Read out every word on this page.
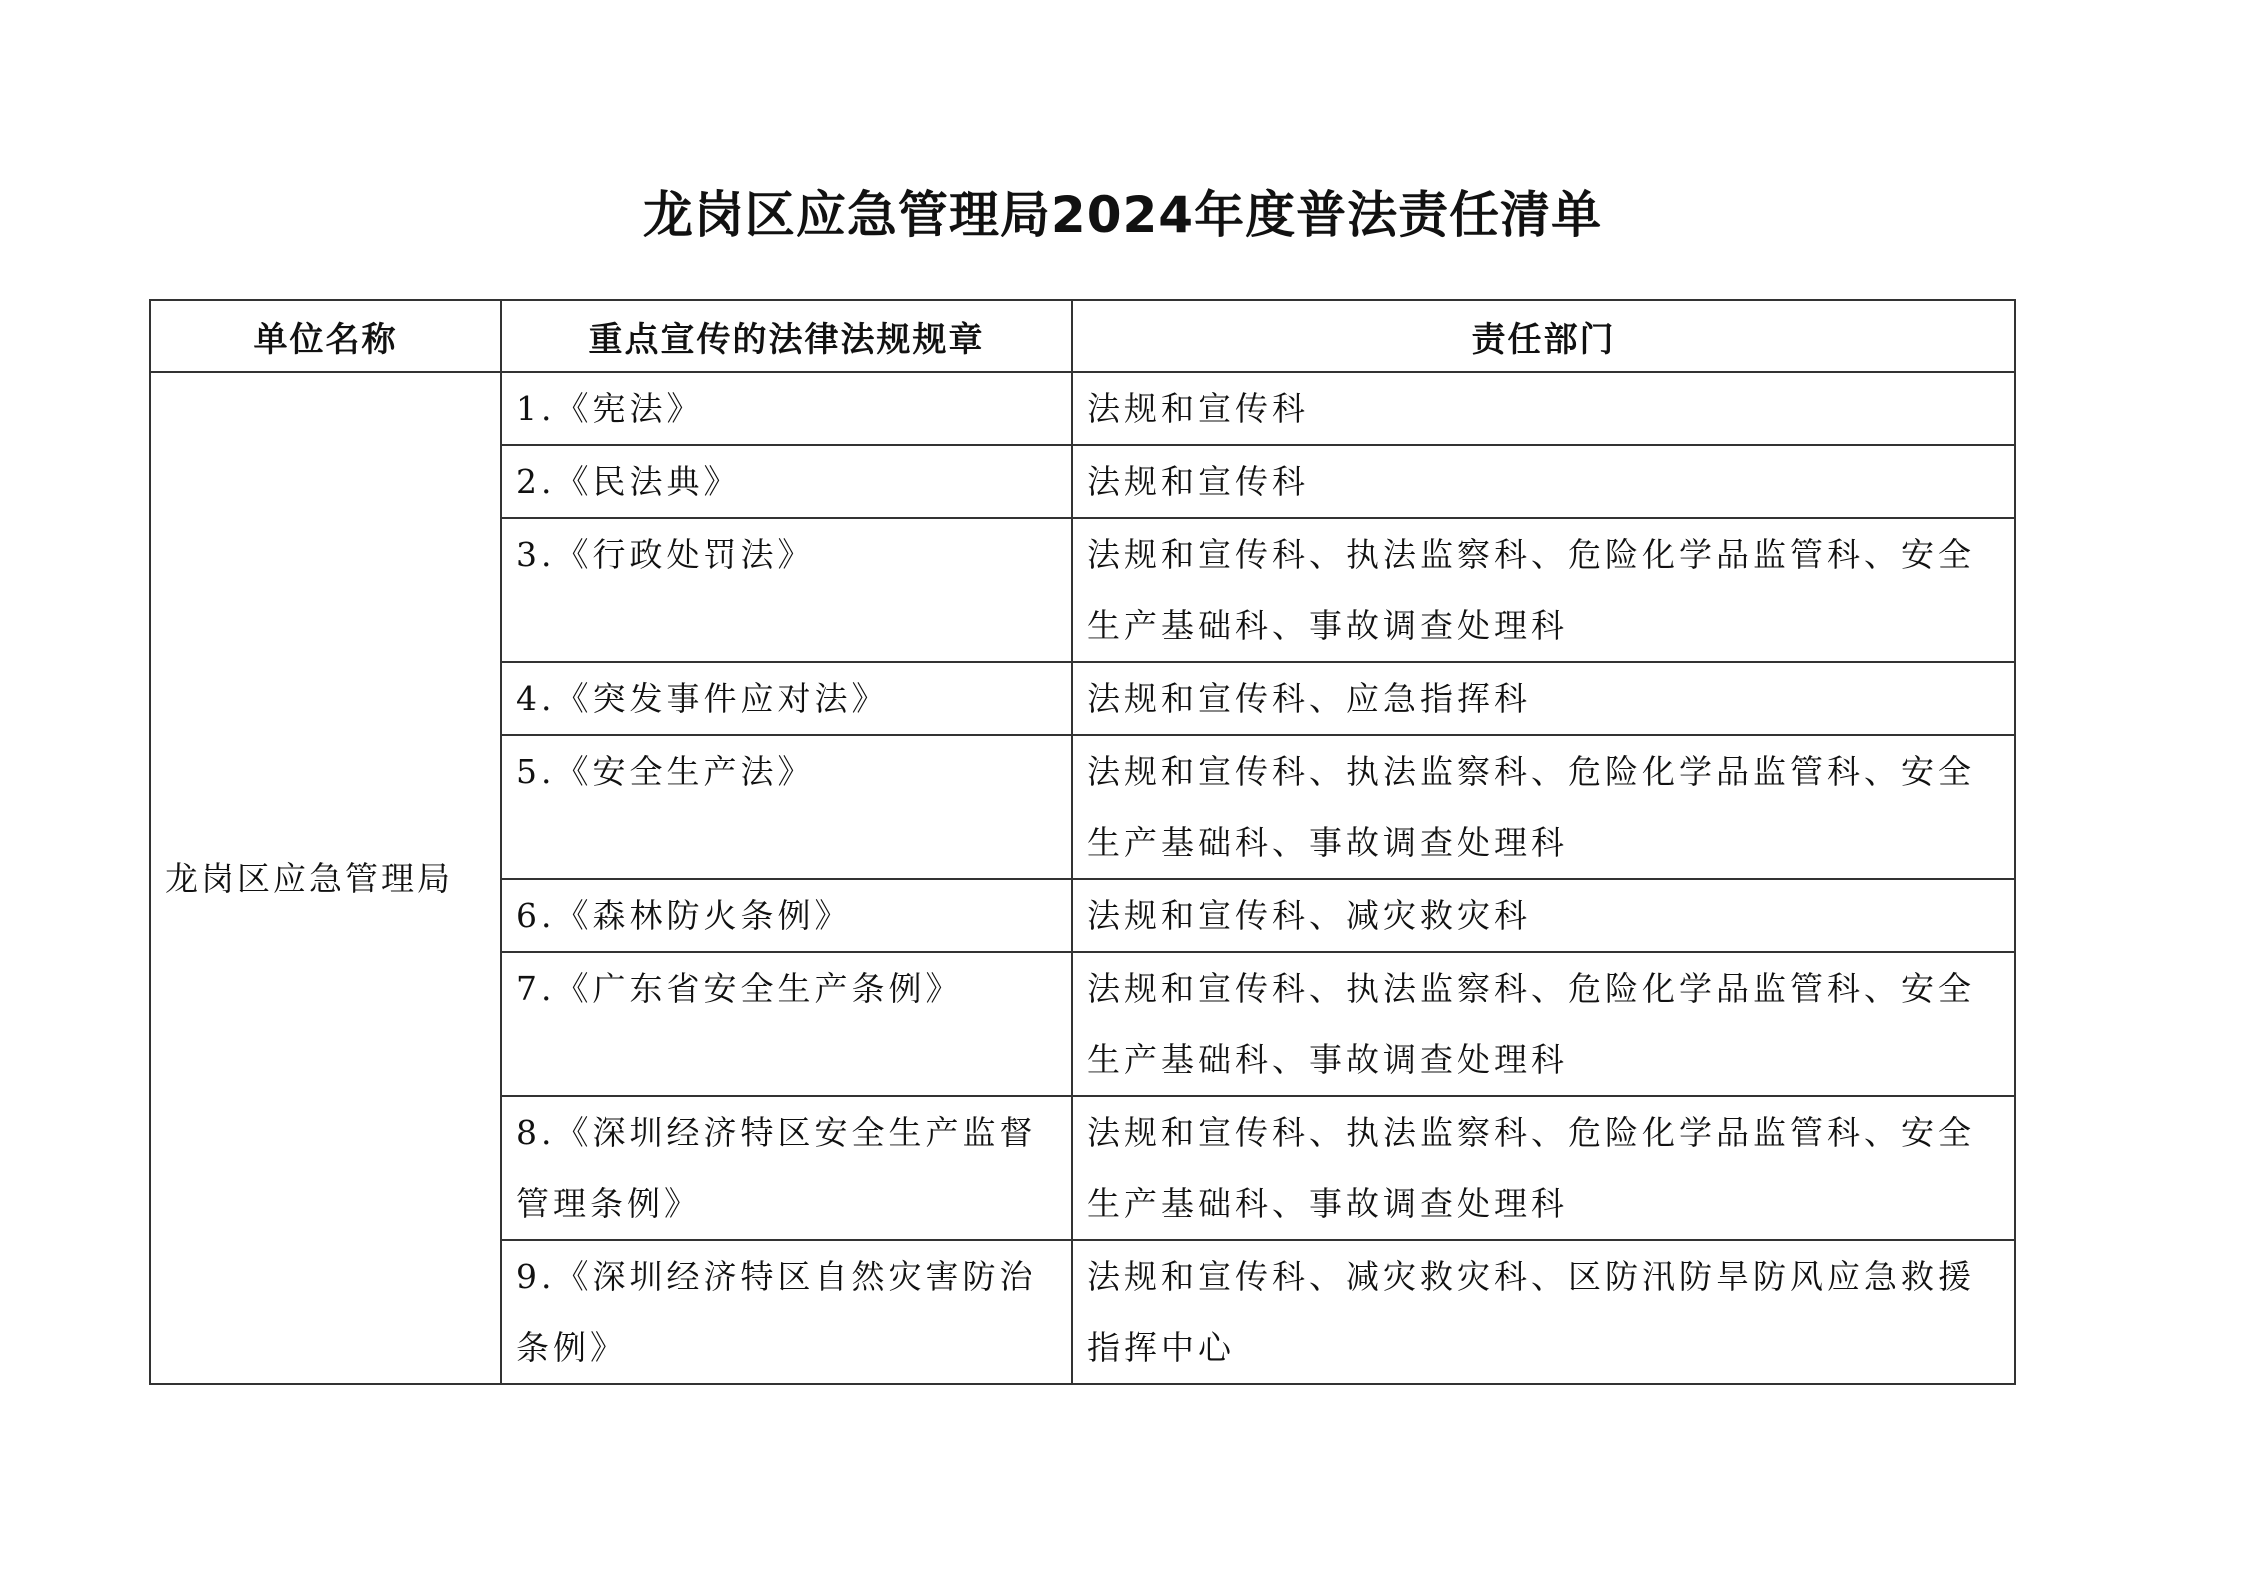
龙岗区应急管理局2024年度普法责任清单
单位名称	重点宣传的法律法规规章	责任部门
龙岗区应急管理局	1.《宪法》	法规和宣传科
	2.《民法典》	法规和宣传科
	3.《行政处罚法》	法规和宣传科、执法监察科、危险化学品监管科、安全生产基础科、事故调查处理科
	4.《突发事件应对法》	法规和宣传科、应急指挥科
	5.《安全生产法》	法规和宣传科、执法监察科、危险化学品监管科、安全生产基础科、事故调查处理科
	6.《森林防火条例》	法规和宣传科、减灾救灾科
	7.《广东省安全生产条例》	法规和宣传科、执法监察科、危险化学品监管科、安全生产基础科、事故调查处理科
	8.《深圳经济特区安全生产监督管理条例》	法规和宣传科、执法监察科、危险化学品监管科、安全生产基础科、事故调查处理科
	9.《深圳经济特区自然灾害防治条例》	法规和宣传科、减灾救灾科、区防汛防旱防风应急救援指挥中心
